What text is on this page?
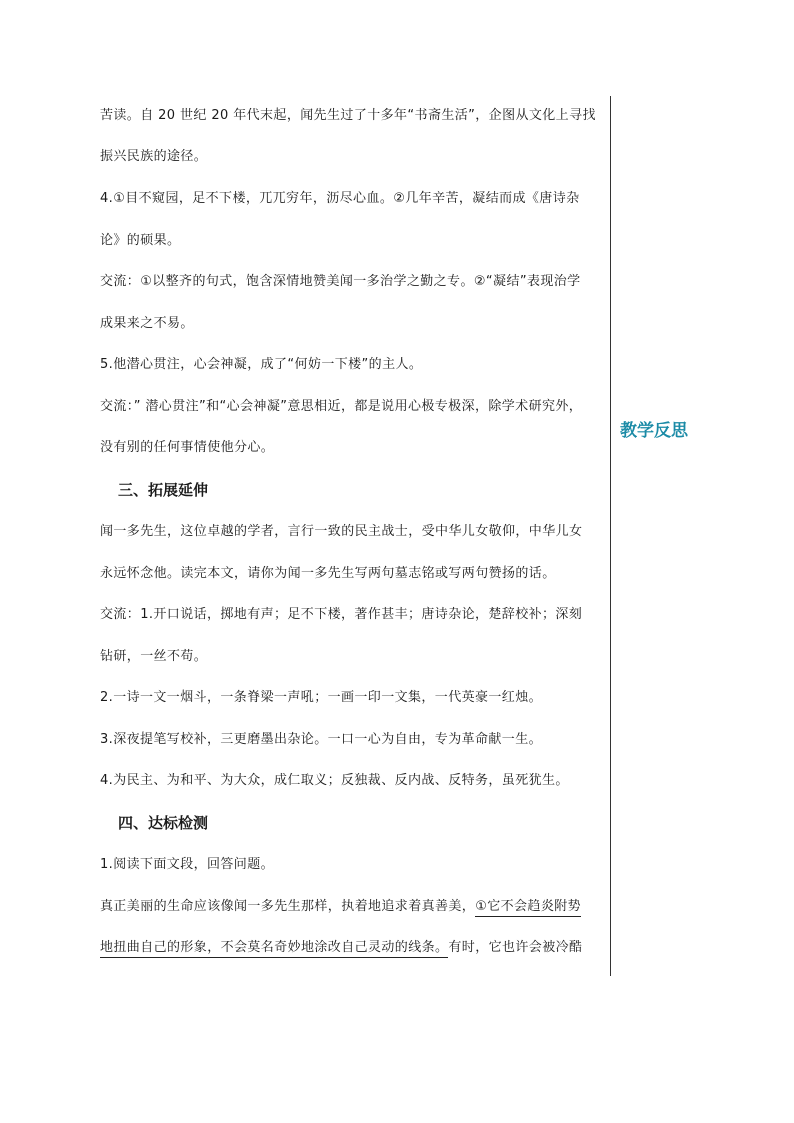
苦读。自 20 世纪 20 年代末起，闻先生过了十多年“书斋生活”，企图从文化上寻找
振兴民族的途径。
4.①目不窥园，足不下楼，兀兀穷年，沥尽心血。②几年辛苦，凝结而成《唐诗杂
论》的硕果。
交流：①以整齐的句式，饱含深情地赞美闻一多治学之勤之专。②“凝结”表现治学
成果来之不易。
5.他潜心贯注，心会神凝，成了“何妨一下楼”的主人。
交流：” 潜心贯注”和“心会神凝”意思相近，都是说用心极专极深，除学术研究外，
没有别的任何事情使他分心。
三、拓展延伸
闻一多先生，这位卓越的学者，言行一致的民主战士，受中华儿女敬仰，中华儿女
永远怀念他。读完本文，请你为闻一多先生写两句墓志铭或写两句赞扬的话。
交流：1.开口说话，掷地有声；足不下楼，著作甚丰；唐诗杂论，楚辞校补；深刻
钻研，一丝不苟。
2.一诗一文一烟斗，一条脊梁一声吼；一画一印一文集，一代英豪一红烛。
3.深夜提笔写校补，三更磨墨出杂论。一口一心为自由，专为革命献一生。
4.为民主、为和平、为大众，成仁取义；反独裁、反内战、反特务，虽死犹生。
四、达标检测
1.阅读下面文段，回答问题。
真正美丽的生命应该像闻一多先生那样，执着地追求着真善美，①它不会趋炎附势
地扭曲自己的形象，不会莫名奇妙地涂改自己灵动的线条。有时，它也许会被冷酷
教学反思
